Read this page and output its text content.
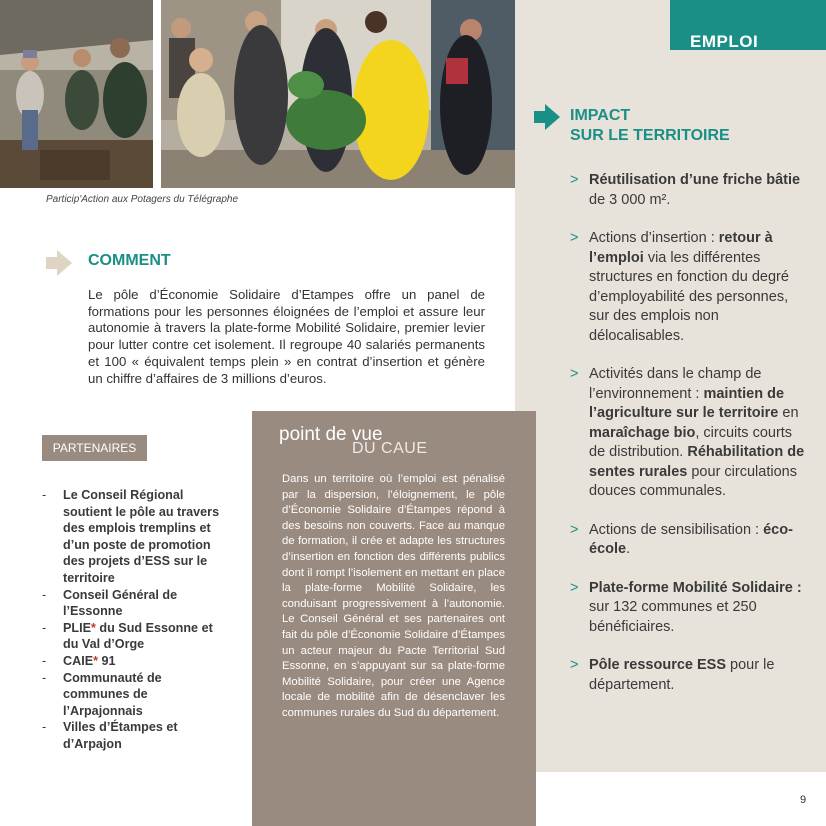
Particip'Action aux Potagers du Télégraphe
EMPLOI
IMPACT
SUR LE TERRITOIRE
> Réutilisation d’une friche bâtie de 3 000 m².
> Actions d’insertion : retour à l’emploi via les différentes structures en fonction du degré d’employabilité des personnes, sur des emplois non délocalisables.
> Activités dans le champ de l’environnement : maintien de l’agriculture sur le territoire en maraîchage bio, circuits courts de distribution. Réhabilitation de sentes rurales pour circulations douces communales.
> Actions de sensibilisation : éco-école.
> Plate-forme Mobilité Solidaire : sur 132 communes et 250 bénéficiaires.
> Pôle ressource ESS pour le département.
COMMENT
Le pôle d’Économie Solidaire d’Etampes offre un panel de formations pour les personnes éloignées de l’emploi et assure leur autonomie à travers la plate-forme Mobilité Solidaire, premier levier pour lutter contre cet isolement. Il regroupe 40 salariés permanents et 100 « équivalent temps plein » en contrat d’insertion et génère un chiffre d’affaires de 3 millions d’euros.
PARTENAIRES
- Le Conseil Régional soutient le pôle au travers des emplois tremplins et d’un poste de promotion des projets d’ESS sur le territoire
- Conseil Général de l’Essonne
- PLIE* du Sud Essonne et du Val d’Orge
- CAIE* 91
- Communauté de communes de l’Arpajonnais
- Villes d’Étampes et d’Arpajon
point de vue
DU CAUE
Dans un territoire où l’emploi est pénalisé par la dispersion, l’éloignement, le pôle d’Économie Solidaire d’Étampes répond à des besoins non couverts. Face au manque de formation, il crée et adapte les structures d’insertion en fonction des différents publics dont il rompt l’isolement en mettant en place la plate-forme Mobilité Solidaire, les conduisant progressivement à l’autonomie. Le Conseil Général et ses partenaires ont fait du pôle d’Économie Solidaire d’Étampes un acteur majeur du Pacte Territorial Sud Essonne, en s’appuyant sur sa plate-forme Mobilité Solidaire, pour créer une Agence locale de mobilité afin de désenclaver les communes rurales du Sud du département.
9
